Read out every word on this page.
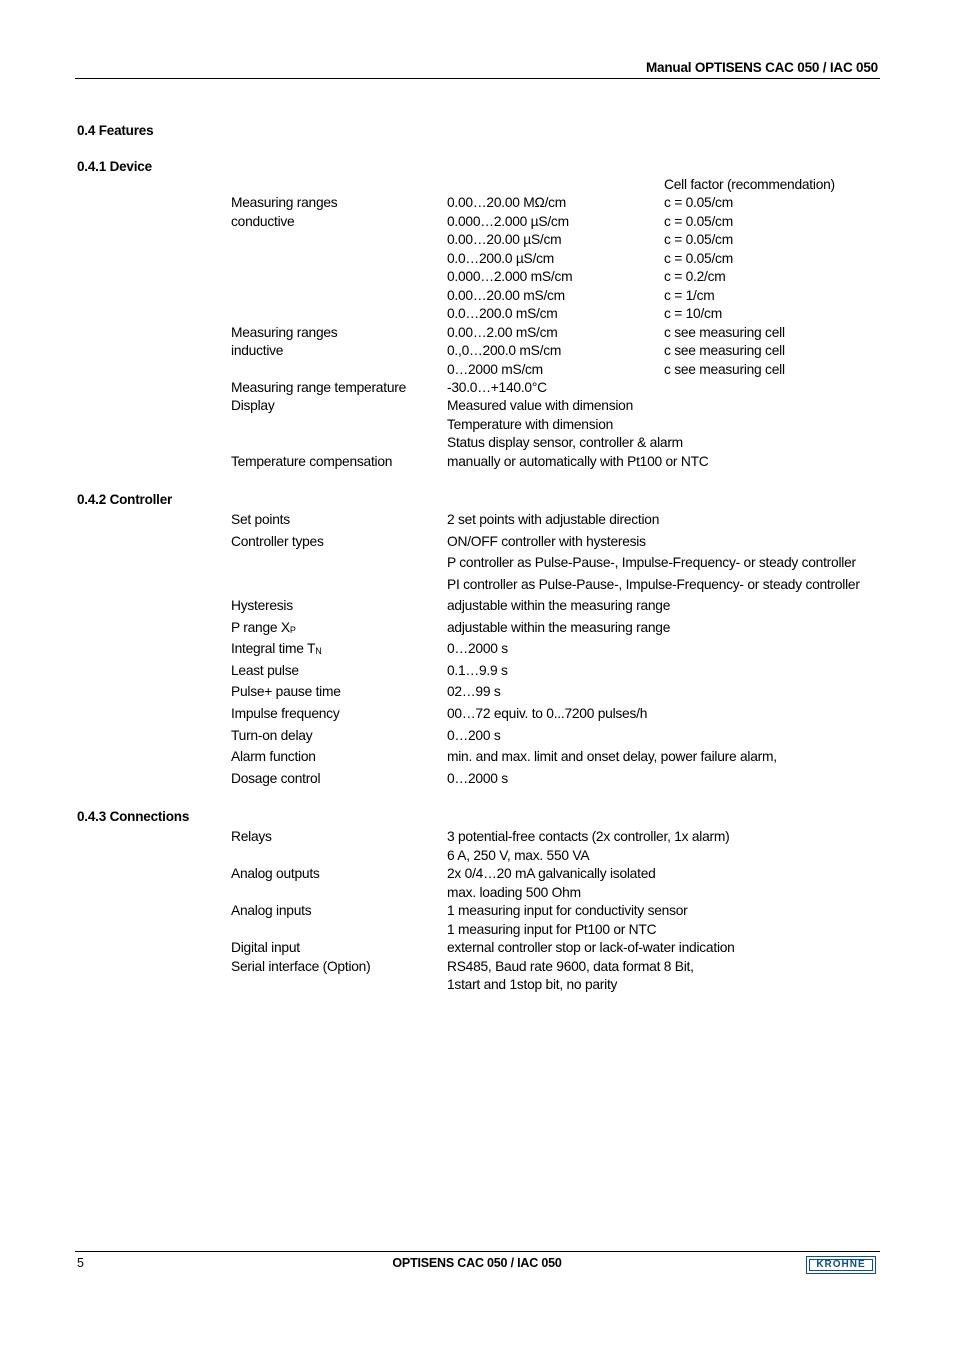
Manual OPTISENS CAC 050 / IAC 050
0.4 Features
0.4.1 Device
Cell factor (recommendation)
Measuring ranges	0.00…20.00 MΩ/cm	c = 0.05/cm
conductive	0.000…2.000 µS/cm	c = 0.05/cm
0.00…20.00 µS/cm	c = 0.05/cm
0.0…200.0 µS/cm	c = 0.05/cm
0.000…2.000 mS/cm	c = 0.2/cm
0.00…20.00 mS/cm	c = 1/cm
0.0…200.0 mS/cm	c = 10/cm
Measuring ranges	0.00…2.00 mS/cm	c see measuring cell
inductive	0.,0…200.0 mS/cm	c see measuring cell
0…2000 mS/cm	c see measuring cell
Measuring range temperature	-30.0…+140.0°C
Display	Measured value with dimension
Temperature with dimension
Status display sensor, controller & alarm
Temperature compensation	manually or automatically with Pt100 or NTC
0.4.2 Controller
Set points	2 set points with adjustable direction
Controller types	ON/OFF controller with hysteresis
P controller as Pulse-Pause-, Impulse-Frequency- or steady controller
PI controller as Pulse-Pause-, Impulse-Frequency- or steady controller
Hysteresis	adjustable within the measuring range
P range XP	adjustable within the measuring range
Integral time TN	0…2000 s
Least pulse	0.1…9.9 s
Pulse+ pause time	02…99 s
Impulse frequency	00…72 equiv. to 0...7200 pulses/h
Turn-on delay	0…200 s
Alarm function	min. and max. limit and onset delay, power failure alarm,
Dosage control	0…2000 s
0.4.3 Connections
Relays	3 potential-free contacts (2x controller, 1x alarm)
6 A, 250 V, max. 550 VA
Analog outputs	2x 0/4…20 mA galvanically isolated
max. loading 500 Ohm
Analog inputs	1 measuring input for conductivity sensor
1 measuring input for Pt100 or NTC
Digital input	external controller stop or lack-of-water indication
Serial interface (Option)	RS485, Baud rate 9600, data format 8 Bit,
1start and 1stop bit, no parity
5	OPTISENS CAC 050 / IAC 050	KROHNE
